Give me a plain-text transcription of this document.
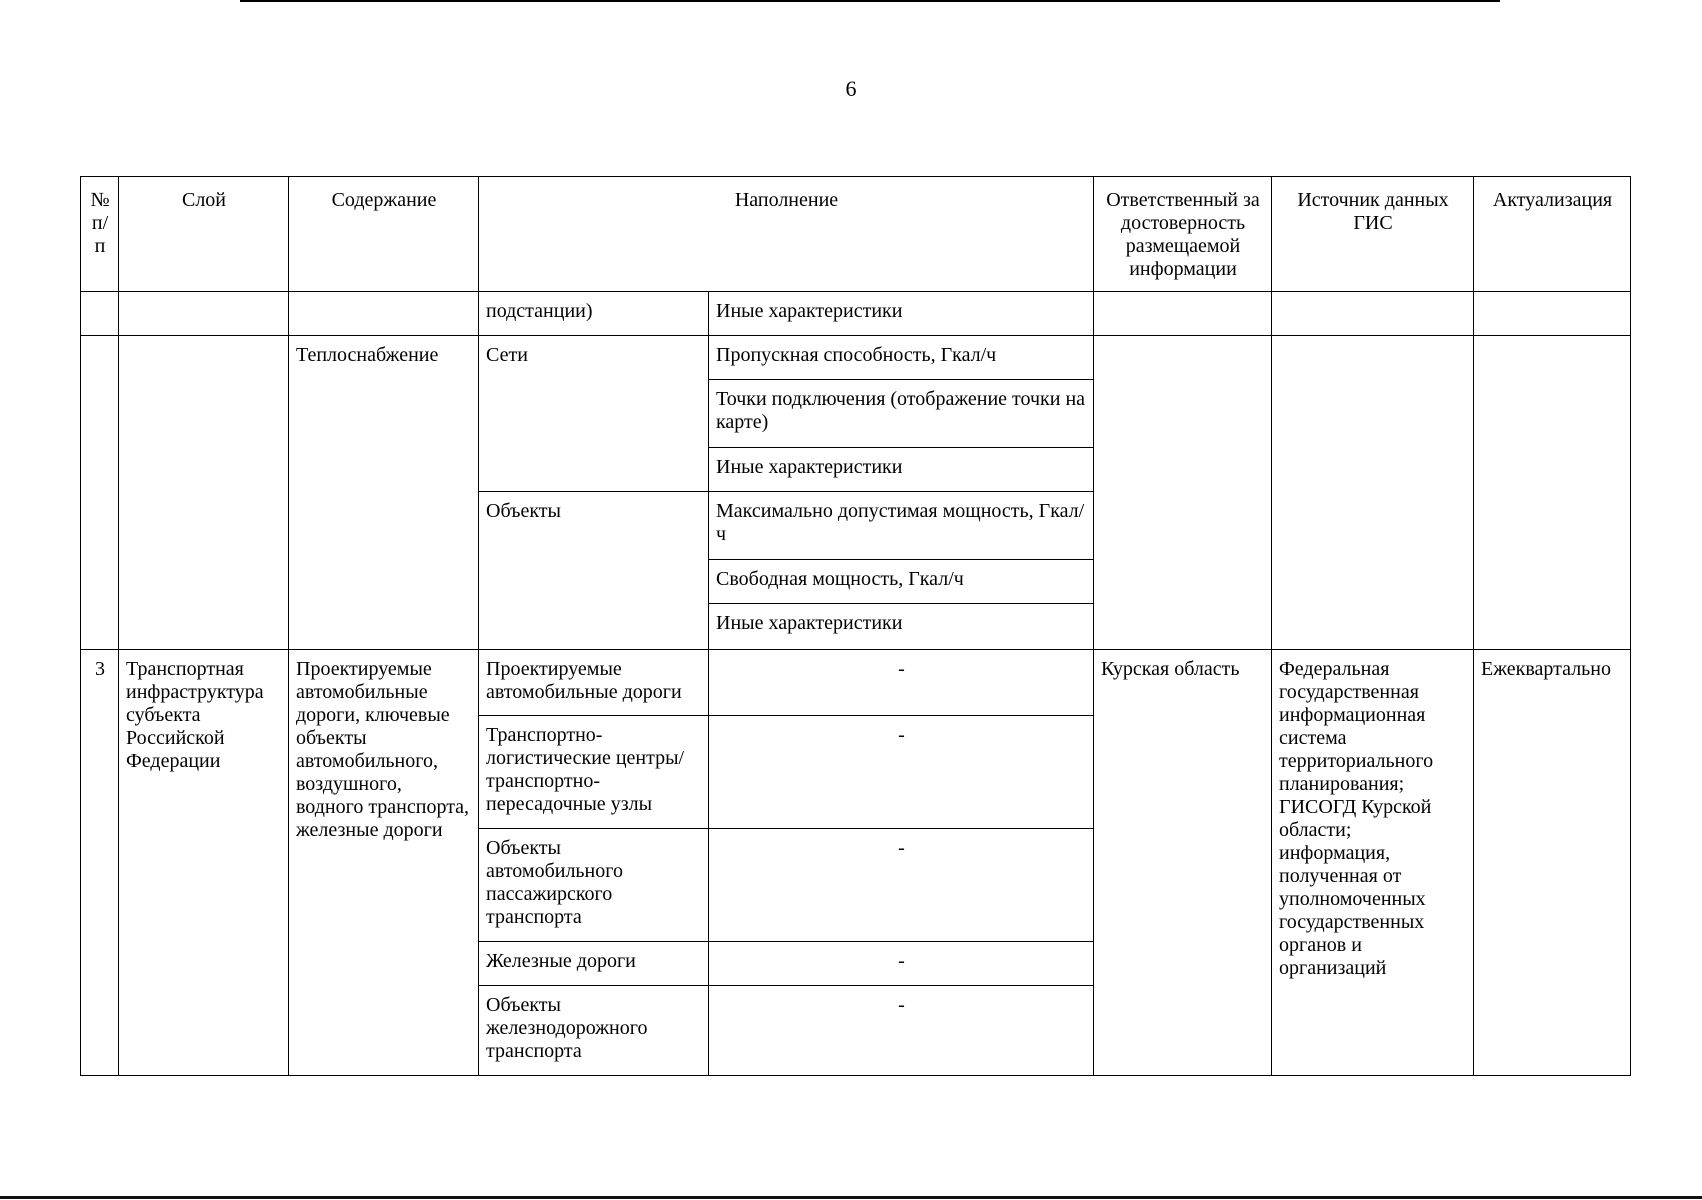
6
№ п/п	Слой	Содержание	Наполнение		Ответственный за достоверность размещаемой информации	Источник данных ГИС	Актуализация
			подстанции)	Иные характеристики			
		Теплоснабжение	Сети	Пропускная способность, Гкал/ч			
				Точки подключения (отображение точки на карте)			
				Иные характеристики			
			Объекты	Максимально допустимая мощность, Гкал/ч			
				Свободная мощность, Гкал/ч			
				Иные характеристики			
3	Транспортная инфраструктура субъекта Российской Федерации	Проектируемые автомобильные дороги, ключевые объекты автомобильного, воздушного, водного транспорта, железные дороги	Проектируемые автомобильные дороги	-	Курская область	Федеральная государственная информационная система территориального планирования; ГИСОГД Курской области; информация, полученная от уполномоченных государственных органов и организаций	Ежеквартально
			Транспортно-логистические центры/транспортно-пересадочные узлы	-			
			Объекты автомобильного пассажирского транспорта	-			
			Железные дороги	-			
			Объекты железнодорожного транспорта	-			
